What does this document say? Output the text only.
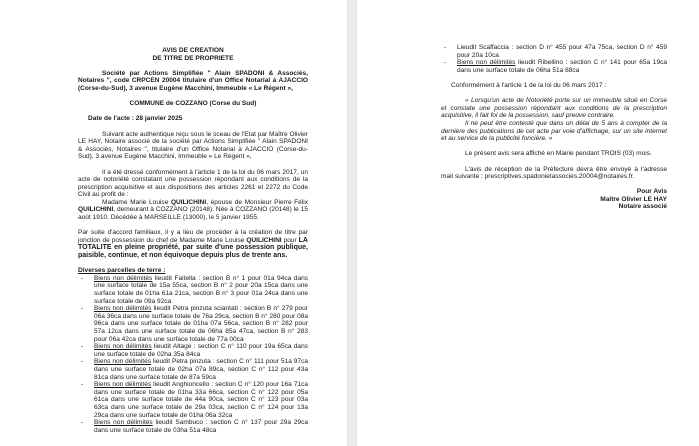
AVIS DE CREATION
DE TITRE DE PROPRIETE

Société par Actions Simplifiée " Alain SPADONI & Associés, Notaires ", code CRPCEN 20004 titulaire d'un Office Notarial à AJACCIO (Corse-du-Sud), 3 avenue Eugène Macchini, Immeuble « Le Régent »,

COMMUNE de COZZANO (Corse du Sud)

Date de l'acte : 28 janvier 2025

Suivant acte authentique reçu sous le sceau de l'Etat par Maître Olivier LE HAY, Notaire associé de la société par Actions Simplifiée " Alain SPADONI & Associés, Notaires ", titulaire d'un Office Notarial à AJACCIO (Corse-du-Sud), 3 avenue Eugène Macchini, Immeuble « Le Régent »,

Il a été dressé conformément à l'article 1 de la loi du 06 mars 2017, un acte de notoriété constatant une possession répondant aux conditions de la prescription acquisitive et aux dispositions des articles 2261 et 2272 du Code Civil au profit de :

Madame Marie Louise QUILICHINI, épouse de Monsieur Pierre Félix QUILICHINI, demeurant à COZZANO (20148). Née à COZZANO (20148) le 15 août 1910. Décédée à MARSEILLE (13000), le 5 janvier 1955.

Par suite d'accord familiaux, il y a lieu de procéder à la création de titre par jonction de possession du chef de Madame Marie Louise QUILICHINI pour LA TOTALITE en pleine propriété, par suite d'une possession publique, paisible, continue, et non équivoque depuis plus de trente ans.

Diverses parcelles de terre :

- Biens non délimités lieudit Faitella : section B n° 1 pour 01a 94ca dans une surface totale de 15a 55ca, section B n° 2 pour 20a 15ca dans une surface totale de 01ha 61a 21ca, section B n° 3 pour 01a 24ca dans une surface totale de 09a 92ca
- Biens non délimités lieudit Petra pinzuta sciantati : section B n° 279 pour 06a 36ca dans une surface totale de 76a 29ca, section B n° 280 pour 08a 96ca dans une surface totale de 01ha 07a 56ca, section B n° 282 pour 57a 12ca dans une surface totale de 06ha 85a 47ca, section B n° 283 pour 06a 42ca dans une surface totale de 77a 00ca
- Biens non délimités lieudit Altage : section C n° 110 pour 19a 65ca dans une surface totale de 02ha 35a 84ca
- Biens non délimités lieudit Petra pinzuta : section C n° 111 pour 51a 97ca dans une surface totale de 02ha 07a 89ca, section C n° 112 pour 43a 81ca dans une surface totale de 87a 59ca
- Biens non délimités lieudit Anghioncello : section C n° 120 pour 16a 71ca dans une surface totale de 01ha 33a 66ca, section C n° 122 pour 05a 61ca dans une surface totale de 44a 90ca, section C n° 123 pour 03a 63ca dans une surface totale de 29a 03ca, section C n° 124 pour 13a 29ca dans une surface totale de 01ha 06a 32ca
- Biens non délimités lieudit Sambuco : section C n° 137 pour 29a 29ca dans une surface totale de 03ha 51a 48ca
- Lieudit Scaffaccia : section D n° 455 pour 47a 75ca, section D n° 459 pour 20a 10ca
- Biens non délimités lieudit Ribellino : section C n° 141 pour 65a 19ca dans une surface totale de 06ha 51a 88ca

Conformément à l'article 1 de la loi du 06 mars 2017 :

« Lorsqu'un acte de Notoriété porte sur un immeuble situé en Corse et constate une possession répondant aux conditions de la prescription acquisitive, il fait foi de la possession, sauf preuve contraire.

Il ne peut être contesté que dans un délai de 5 ans à compter de la dernière des publications de cet acte par voie d'affichage, sur un site internet et au service de la publicité foncière. »

Le présent avis sera affiché en Mairie pendant TROIS (03) mois.

L'avis de réception de la Préfecture devra être envoyé à l'adresse mail suivante : prescriptives.spadonietassocies.20004@notaires.fr.

Pour Avis
Maître Olivier LE HAY
Notaire associé
